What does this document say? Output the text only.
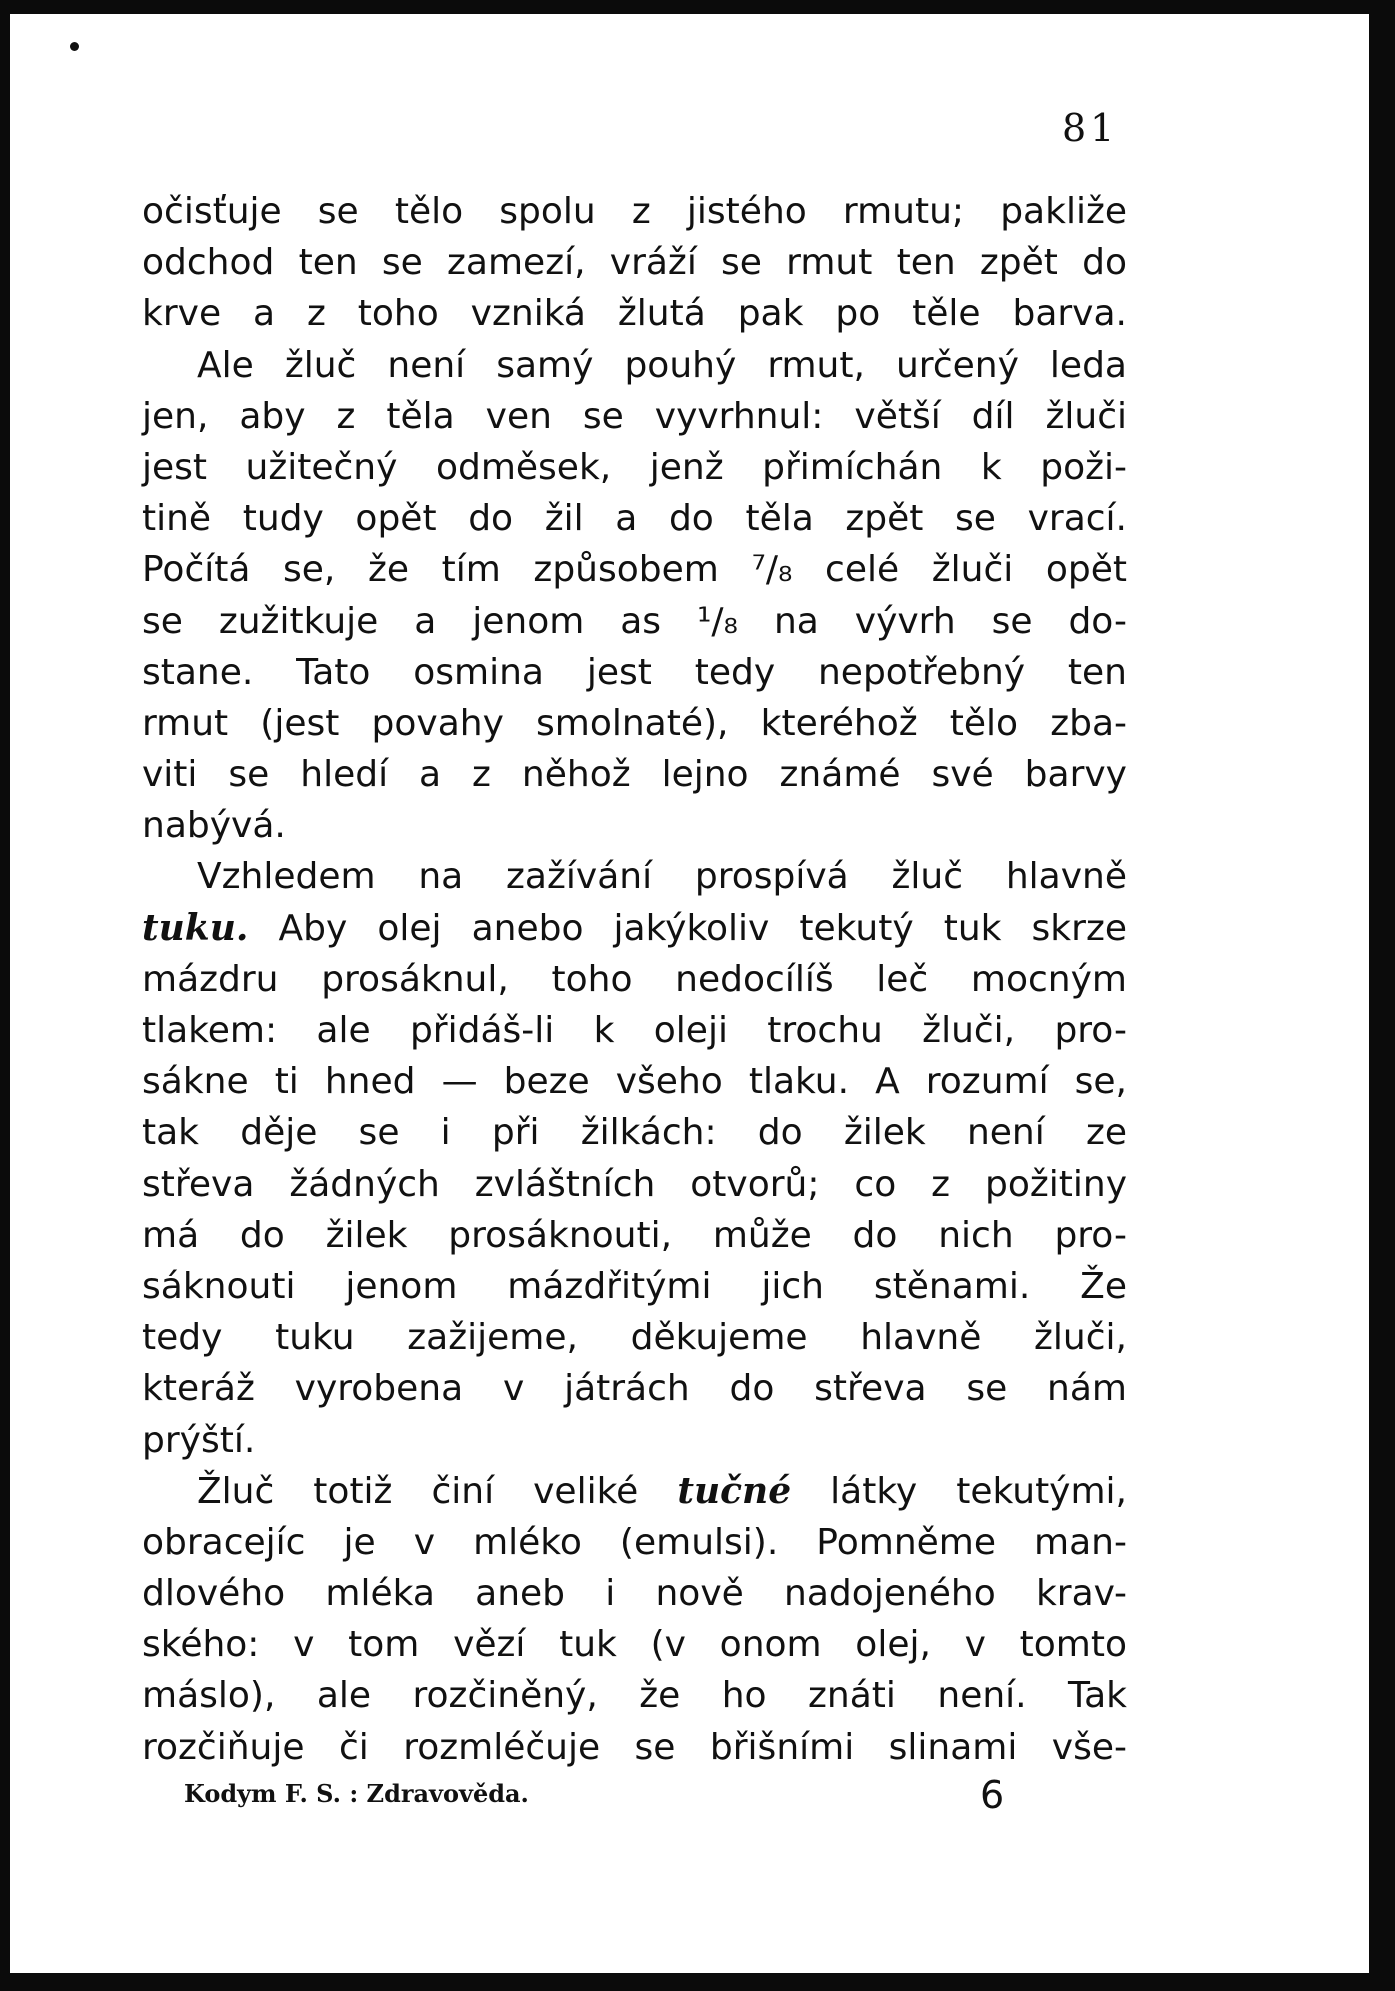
81
očisťuje se tělo spolu z jistého rmutu; pakliže
odchod ten se zamezí, vráží se rmut ten zpět do
krve a z toho vzniká žlutá pak po těle barva.
Ale žluč není samý pouhý rmut, určený leda
jen, aby z těla ven se vyvrhnul: větší díl žluči
jest užitečný odměsek, jenž přimíchán k poži-
tině tudy opět do žil a do těla zpět se vrací.
Počítá se, že tím způsobem ⁷/₈ celé žluči opět
se zužitkuje a jenom as ¹/₈ na vývrh se do-
stane. Tato osmina jest tedy nepotřebný ten
rmut (jest povahy smolnaté), kteréhož tělo zba-
viti se hledí a z něhož lejno známé své barvy
nabývá.
Vzhledem na zažívání prospívá žluč hlavně
tuku. Aby olej anebo jakýkoliv tekutý tuk skrze
mázdru prosáknul, toho nedocílíš leč mocným
tlakem: ale přidáš-li k oleji trochu žluči, pro-
sákne ti hned — beze všeho tlaku. A rozumí se,
tak děje se i při žilkách: do žilek není ze
střeva žádných zvláštních otvorů; co z požitiny
má do žilek prosáknouti, může do nich pro-
sáknouti jenom mázdřitými jich stěnami. Že
tedy tuku zažijeme, děkujeme hlavně žluči,
kteráž vyrobena v játrách do střeva se nám
prýští.
Žluč totiž činí veliké tučné látky tekutými,
obracejíc je v mléko (emulsi). Pomněme man-
dlového mléka aneb i nově nadojeného krav-
ského: v tom vězí tuk (v onom olej, v tomto
máslo), ale rozčiněný, že ho znáti není. Tak
rozčiňuje či rozmléčuje se břišními slinami vše-
Kodym F. S. : Zdravověda.	6
